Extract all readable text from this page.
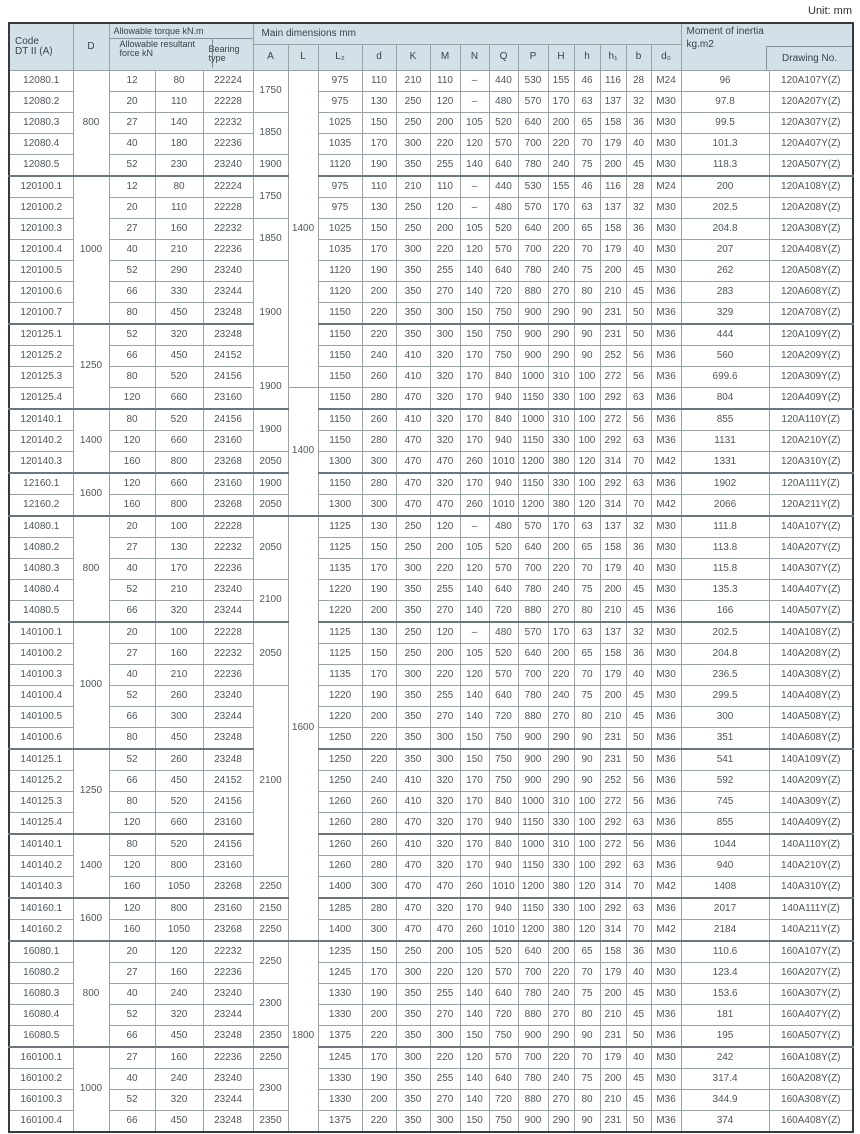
Unit: mm
Code
DT II (A)	D	
Allowable torque kN.m
Allowable resultant
force kN	Bearing
type
	Main dimensions mm	Moment of inertia
kg.m2
Drawing No.

					A	L	L₂	d	K	M	N	Q	P	H	h	h₁	b	d₀		
12080.1	800	12	80	22224	1750	1400	975	110	210	110	–	440	530	155	46	116	28	M24	96	120A107Y(Z)
12080.2		20	110	22228			975	130	250	120	–	480	570	170	63	137	32	M30	97.8	120A207Y(Z)
12080.3		27	140	22232	1850		1025	150	250	200	105	520	640	200	65	158	36	M30	99.5	120A307Y(Z)
12080.4		40	180	22236			1035	170	300	220	120	570	700	220	70	179	40	M30	101.3	120A407Y(Z)
12080.5		52	230	23240	1900		1120	190	350	255	140	640	780	240	75	200	45	M30	118.3	120A507Y(Z)
120100.1	1000	12	80	22224	1750		975	110	210	110	–	440	530	155	46	116	28	M24	200	120A108Y(Z)
120100.2		20	110	22228			975	130	250	120	–	480	570	170	63	137	32	M30	202.5	120A208Y(Z)
120100.3		27	160	22232	1850		1025	150	250	200	105	520	640	200	65	158	36	M30	204.8	120A308Y(Z)
120100.4		40	210	22236			1035	170	300	220	120	570	700	220	70	179	40	M30	207	120A408Y(Z)
120100.5		52	290	23240	1900		1120	190	350	255	140	640	780	240	75	200	45	M30	262	120A508Y(Z)
120100.6		66	330	23244			1120	200	350	270	140	720	880	270	80	210	45	M36	283	120A608Y(Z)
120100.7		80	450	23248			1150	220	350	300	150	750	900	290	90	231	50	M36	329	120A708Y(Z)
120125.1	1250	52	320	23248			1150	220	350	300	150	750	900	290	90	231	50	M36	444	120A109Y(Z)
120125.2		66	450	24152			1150	240	410	320	170	750	900	290	90	252	56	M36	560	120A209Y(Z)
120125.3		80	520	24156	1900		1150	260	410	320	170	840	1000	310	100	272	56	M36	699.6	120A309Y(Z)
120125.4		120	660	23160		1400	1150	280	470	320	170	940	1150	330	100	292	63	M36	804	120A409Y(Z)
120140.1	1400	80	520	24156	1900		1150	260	410	320	170	840	1000	310	100	272	56	M36	855	120A110Y(Z)
120140.2		120	660	23160			1150	280	470	320	170	940	1150	330	100	292	63	M36	1131	120A210Y(Z)
120140.3		160	800	23268	2050		1300	300	470	470	260	1010	1200	380	120	314	70	M42	1331	120A310Y(Z)
12160.1	1600	120	660	23160	1900		1150	280	470	320	170	940	1150	330	100	292	63	M36	1902	120A111Y(Z)
12160.2		160	800	23268	2050		1300	300	470	470	260	1010	1200	380	120	314	70	M42	2066	120A211Y(Z)
14080.1	800	20	100	22228	2050	1600	1125	130	250	120	–	480	570	170	63	137	32	M30	111.8	140A107Y(Z)
14080.2		27	130	22232			1125	150	250	200	105	520	640	200	65	158	36	M30	113.8	140A207Y(Z)
14080.3		40	170	22236			1135	170	300	220	120	570	700	220	70	179	40	M30	115.8	140A307Y(Z)
14080.4		52	210	23240	2100		1220	190	350	255	140	640	780	240	75	200	45	M30	135.3	140A407Y(Z)
14080.5		66	320	23244			1220	200	350	270	140	720	880	270	80	210	45	M36	166	140A507Y(Z)
140100.1	1000	20	100	22228	2050		1125	130	250	120	–	480	570	170	63	137	32	M30	202.5	140A108Y(Z)
140100.2		27	160	22232			1125	150	250	200	105	520	640	200	65	158	36	M30	204.8	140A208Y(Z)
140100.3		40	210	22236			1135	170	300	220	120	570	700	220	70	179	40	M30	236.5	140A308Y(Z)
140100.4		52	260	23240	2100		1220	190	350	255	140	640	780	240	75	200	45	M30	299.5	140A408Y(Z)
140100.5		66	300	23244			1220	200	350	270	140	720	880	270	80	210	45	M36	300	140A508Y(Z)
140100.6		80	450	23248			1250	220	350	300	150	750	900	290	90	231	50	M36	351	140A608Y(Z)
140125.1	1250	52	260	23248			1250	220	350	300	150	750	900	290	90	231	50	M36	541	140A109Y(Z)
140125.2		66	450	24152			1250	240	410	320	170	750	900	290	90	252	56	M36	592	140A209Y(Z)
140125.3		80	520	24156			1260	260	410	320	170	840	1000	310	100	272	56	M36	745	140A309Y(Z)
140125.4		120	660	23160			1260	280	470	320	170	940	1150	330	100	292	63	M36	855	140A409Y(Z)
140140.1	1400	80	520	24156			1260	260	410	320	170	840	1000	310	100	272	56	M36	1044	140A110Y(Z)
140140.2		120	800	23160			1260	280	470	320	170	940	1150	330	100	292	63	M36	940	140A210Y(Z)
140140.3		160	1050	23268	2250		1400	300	470	470	260	1010	1200	380	120	314	70	M42	1408	140A310Y(Z)
140160.1	1600	120	800	23160	2150		1285	280	470	320	170	940	1150	330	100	292	63	M36	2017	140A111Y(Z)
140160.2		160	1050	23268	2250		1400	300	470	470	260	1010	1200	380	120	314	70	M42	2184	140A211Y(Z)
16080.1	800	20	120	22232	2250	1800	1235	150	250	200	105	520	640	200	65	158	36	M30	110.6	160A107Y(Z)
16080.2		27	160	22236			1245	170	300	220	120	570	700	220	70	179	40	M30	123.4	160A207Y(Z)
16080.3		40	240	23240	2300		1330	190	350	255	140	640	780	240	75	200	45	M30	153.6	160A307Y(Z)
16080.4		52	320	23244			1330	200	350	270	140	720	880	270	80	210	45	M36	181	160A407Y(Z)
16080.5		66	450	23248	2350		1375	220	350	300	150	750	900	290	90	231	50	M36	195	160A507Y(Z)
160100.1	1000	27	160	22236	2250		1245	170	300	220	120	570	700	220	70	179	40	M30	242	160A108Y(Z)
160100.2		40	240	23240	2300		1330	190	350	255	140	640	780	240	75	200	45	M30	317.4	160A208Y(Z)
160100.3		52	320	23244			1330	200	350	270	140	720	880	270	80	210	45	M36	344.9	160A308Y(Z)
160100.4		66	450	23248	2350		1375	220	350	300	150	750	900	290	90	231	50	M36	374	160A408Y(Z)
